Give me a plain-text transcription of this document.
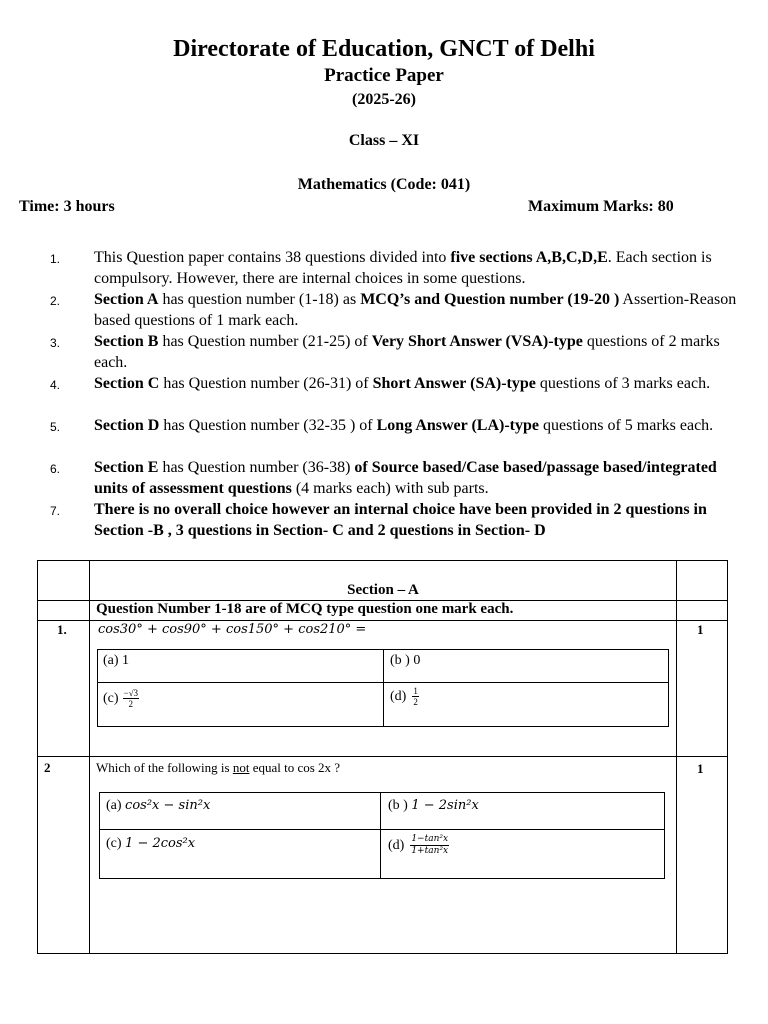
Directorate of Education, GNCT of Delhi
Practice Paper
(2025-26)
Class – XI
Mathematics (Code: 041)
Time: 3 hours	Maximum Marks: 80
1. This Question paper contains 38 questions divided into five sections A,B,C,D,E. Each section is compulsory. However, there are internal choices in some questions.
2. Section A has question number (1-18) as MCQ’s and Question number (19-20 ) Assertion-Reason based questions of 1 mark each.
3. Section B has Question number (21-25) of Very Short Answer (VSA)-type questions of 2 marks each.
4. Section C has Question number (26-31) of Short Answer (SA)-type questions of 3 marks each.
5. Section D has Question number (32-35 ) of Long Answer (LA)-type questions of 5 marks each.
6. Section E has Question number (36-38) of Source based/Case based/passage based/integrated units of assessment questions (4 marks each) with sub parts.
7. There is no overall choice however an internal choice have been provided in 2 questions in Section -B , 3 questions in Section- C and 2 questions in Section- D
Section – A
Question Number 1-18 are of MCQ type question one mark each.
1. cos30° + cos90° + cos150° + cos210° =	1
(a) 1	(b ) 0
$(c) \frac{-√3}{2}$	$(d) \frac{1}{2}$
2	Which of the following is not equal to cos 2x ?	1
(a) cos²x − sin²x	(b ) 1 − 2sin²x
(c) 1 − 2cos²x	$(d) \frac{\text{1−tan²x}}{\text{1+tan²x}}$
